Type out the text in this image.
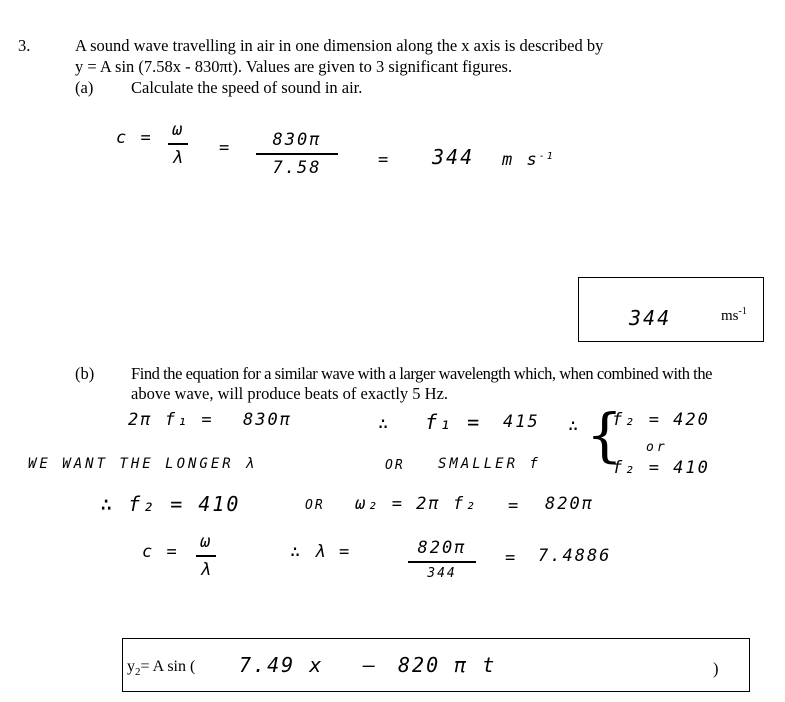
3.	A sound wave travelling in air in one dimension along the x axis is described by
y = A sin (7.58x - 830πt). Values are given to 3 significant figures.
(a) Calculate the speed of sound in air.
c = ω
λ = 830π
7.58	= 344 m $s^{-1}$
344	$ms^{-1}$
(b) Find the equation for a similar wave with a larger wavelength which, when combined with the
above wave, will produce beats of exactly 5 Hz.
2π f₁ = 830π	∴ f₁ = 415 ∴ {
f₂ = 420
or
f₂ = 410
WE WANT THE LONGER λ	OR SMALLER f
∴ f₂ = 410	OR ω₂ = 2π f₂ = 820π
c = ω
λ
∴ λ =	820π
344
= 7.4886
$y_2= A$ sin ( 7.49 x – 820 π t	)
